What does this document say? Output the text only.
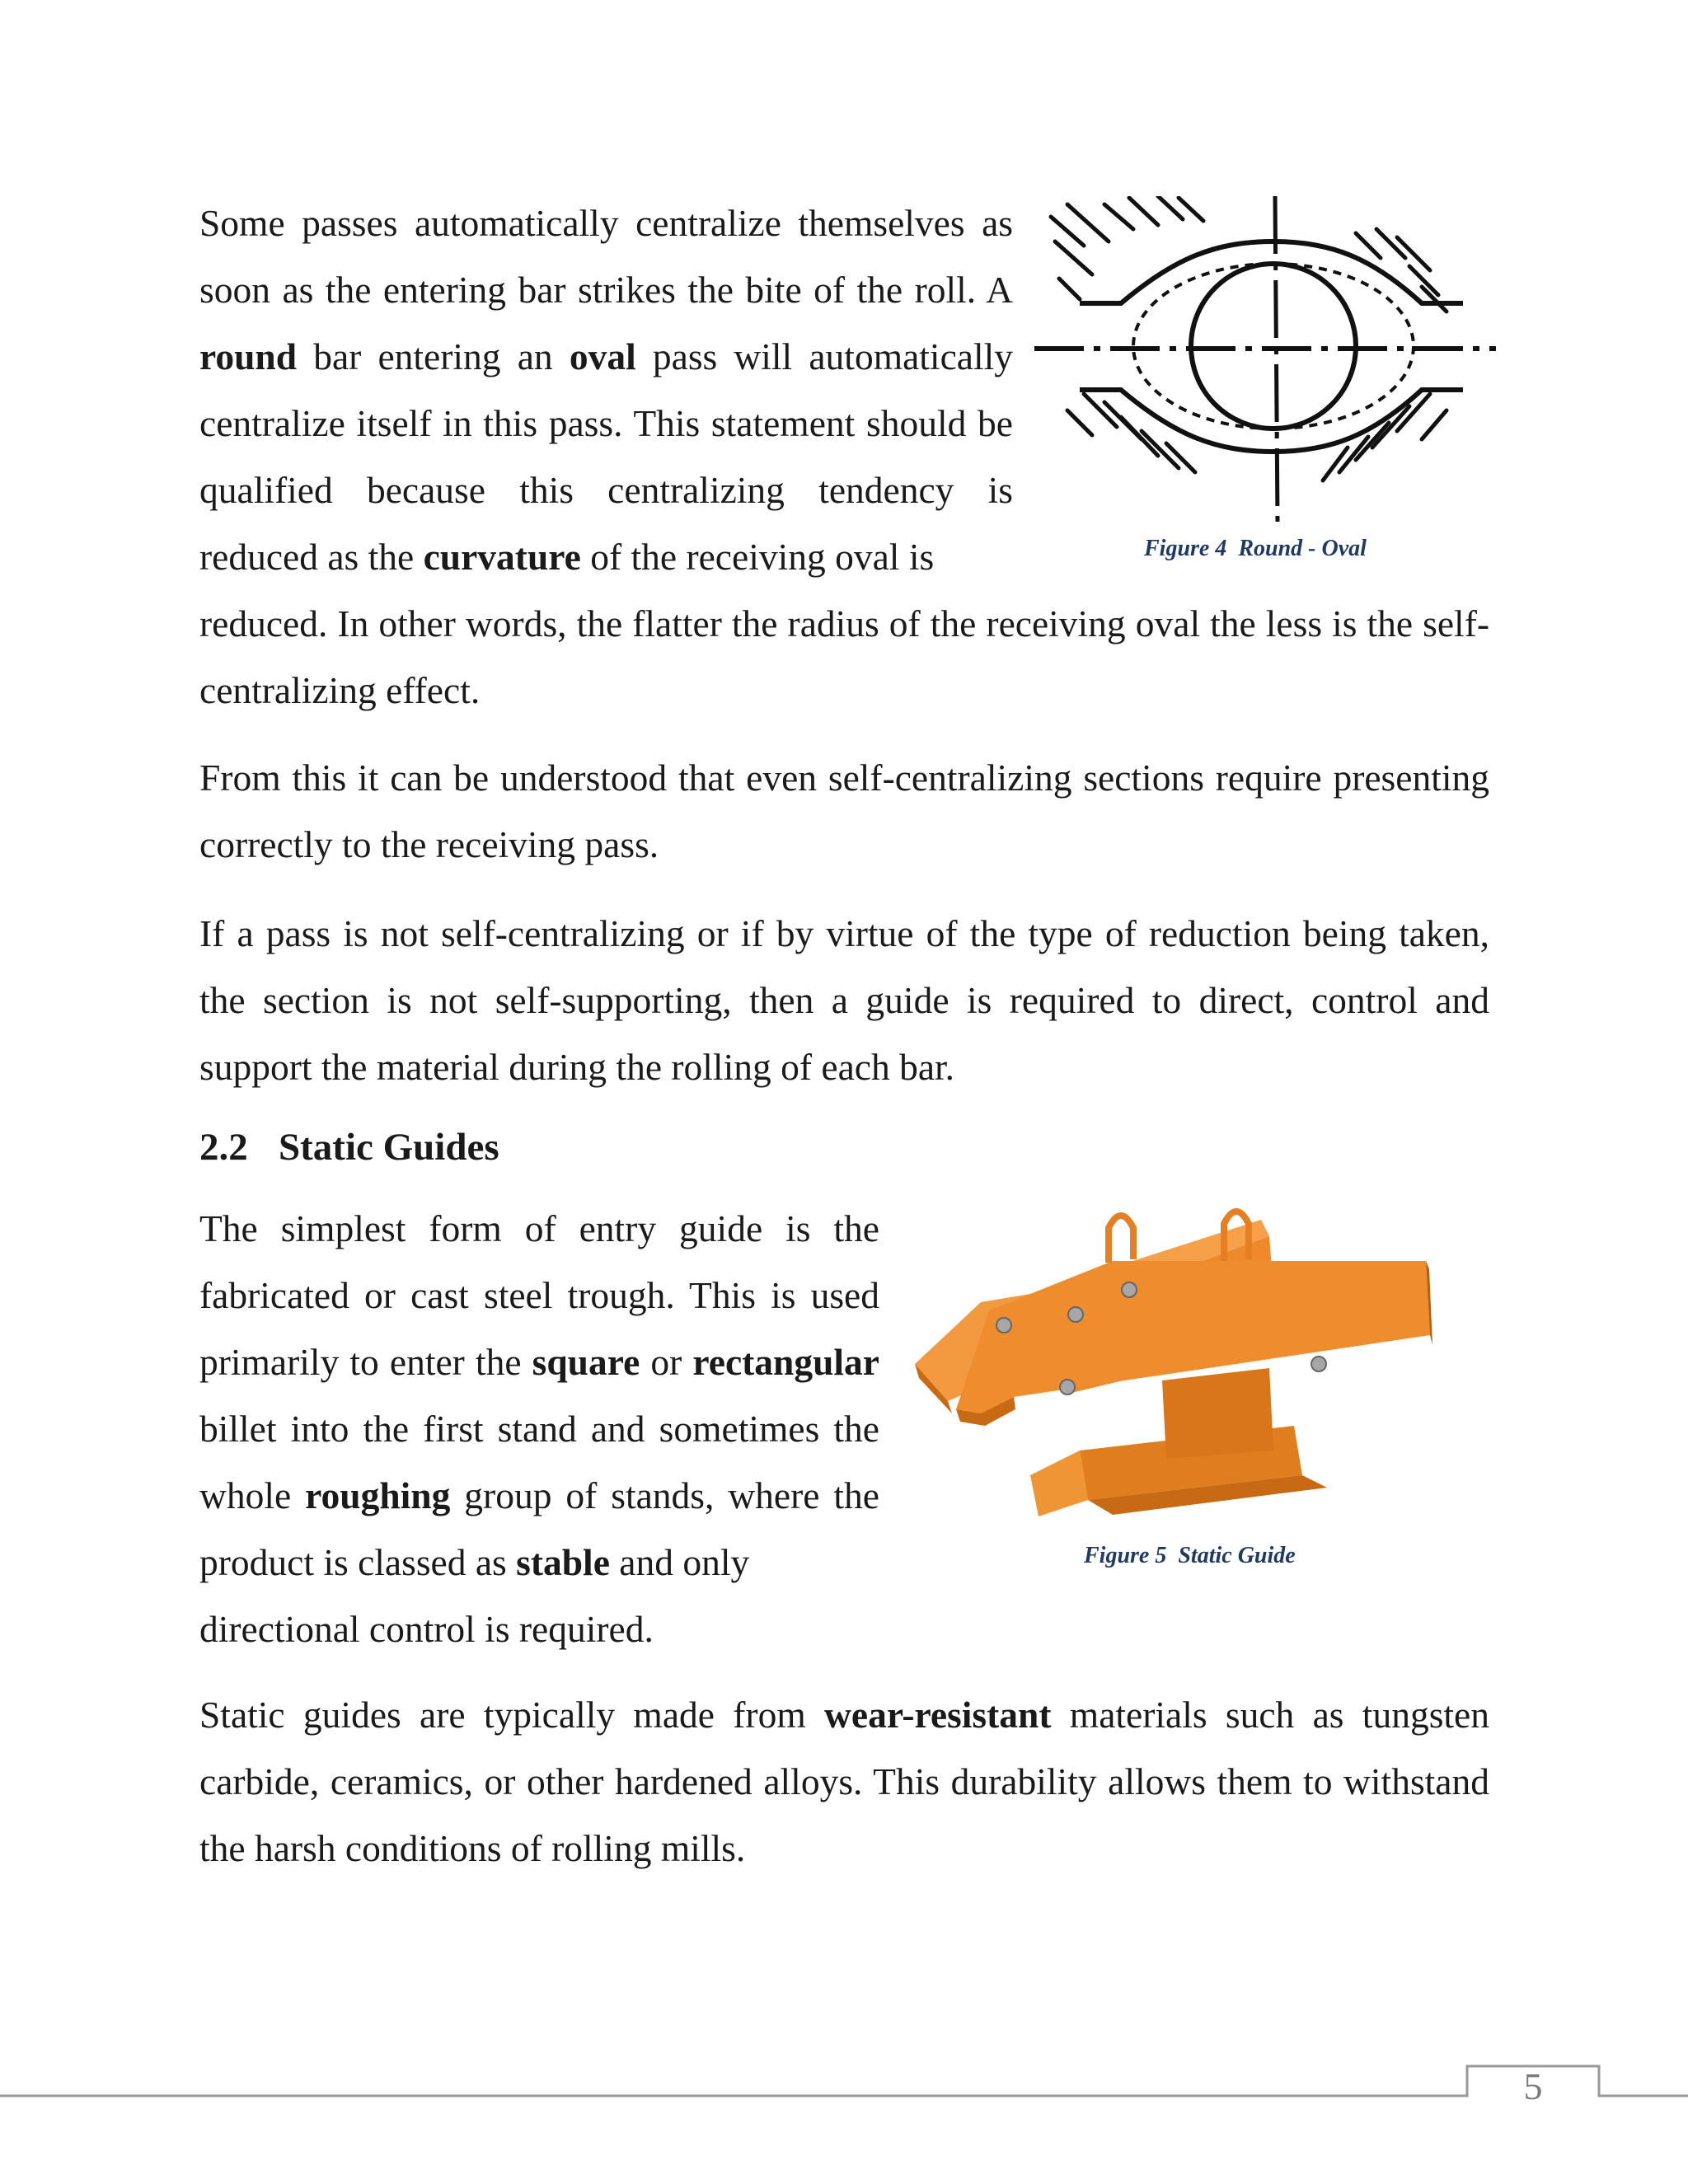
Some passes automatically centralize themselves as soon as the entering bar strikes the bite of the roll. A round bar entering an oval pass will automatically centralize itself in this pass. This statement should be qualified because this centralizing tendency is reduced as the curvature of the receiving oval is

reduced. In other words, the flatter the radius of the receiving oval the less is the self-centralizing effect.

Figure 4  Round - Oval

From this it can be understood that even self-centralizing sections require presenting correctly to the receiving pass.

If a pass is not self-centralizing or if by virtue of the type of reduction being taken, the section is not self-supporting, then a guide is required to direct, control and support the material during the rolling of each bar.

2.2 Static Guides

The simplest form of entry guide is the fabricated or cast steel trough. This is used primarily to enter the square or rectangular billet into the first stand and sometimes the whole roughing group of stands, where the product is classed as stable and only

directional control is required.

Figure 5  Static Guide

Static guides are typically made from wear-resistant materials such as tungsten carbide, ceramics, or other hardened alloys. This durability allows them to withstand the harsh conditions of rolling mills.

5
